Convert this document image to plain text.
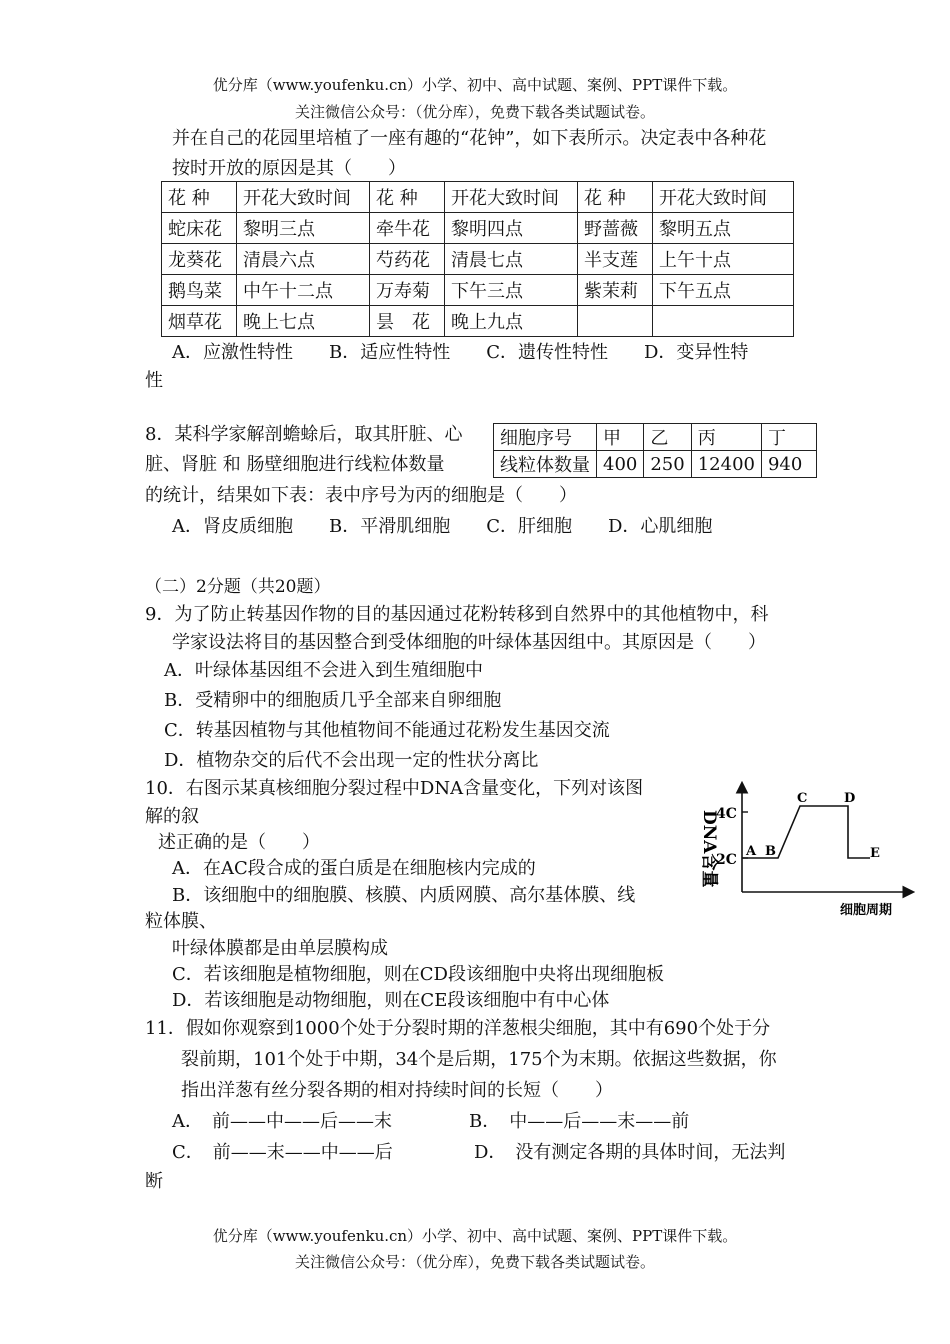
优分库（www.youfenku.cn）小学、初中、高中试题、案例、PPT课件下载。
关注微信公众号：（优分库），免费下载各类试题试卷。
并在自己的花园里培植了一座有趣的“花钟”，如下表所示。决定表中各种花
按时开放的原因是其（　　）
花 种	开花大致时间	花 种	开花大致时间	花 种	开花大致时间
蛇床花	黎明三点	牵牛花	黎明四点	野蔷薇	黎明五点
龙葵花	清晨六点	芍药花	清晨七点	半支莲	上午十点
鹅鸟菜	中午十二点	万寿菊	下午三点	紫茉莉	下午五点
烟草花	晚上七点	昙　花	晚上九点		
A．应激性特性　　B．适应性特性　　C．遗传性特性　　D．变异性特
性
8．某科学家解剖蟾蜍后，取其肝脏、心
脏、肾脏 和 肠壁细胞进行线粒体数量
的统计，结果如下表：表中序号为丙的细胞是（　　）
细胞序号	甲	乙	丙	丁
线粒体数量	400	250	12400	940
A．肾皮质细胞　　B．平滑肌细胞　　C．肝细胞　　D．心肌细胞
（二）2分题（共20题）
9．为了防止转基因作物的目的基因通过花粉转移到自然界中的其他植物中，科
学家设法将目的基因整合到受体细胞的叶绿体基因组中。其原因是（　　）
A．叶绿体基因组不会进入到生殖细胞中
B．受精卵中的细胞质几乎全部来自卵细胞
C．转基因植物与其他植物间不能通过花粉发生基因交流
D．植物杂交的后代不会出现一定的性状分离比
10．右图示某真核细胞分裂过程中DNA含量变化，下列对该图
解的叙
述正确的是（　　）
A．在AC段合成的蛋白质是在细胞核内完成的
B．该细胞中的细胞膜、核膜、内质网膜、高尔基体膜、线
粒体膜、
叶绿体膜都是由单层膜构成
C．若该细胞是植物细胞，则在CD段该细胞中央将出现细胞板
D．若该细胞是动物细胞，则在CE段该细胞中有中心体
DNA含量
4C
2C
A B
C	D
E
细胞周期
11．假如你观察到1000个处于分裂时期的洋葱根尖细胞，其中有690个处于分
裂前期，101个处于中期，34个是后期，175个为末期。依据这些数据，你
指出洋葱有丝分裂各期的相对持续时间的长短（　　）
A．　前——中——后——末	B．　中——后——末——前
C．　前——末——中——后	D．　没有测定各期的具体时间，无法判
断
优分库（www.youfenku.cn）小学、初中、高中试题、案例、PPT课件下载。
关注微信公众号：（优分库），免费下载各类试题试卷。
